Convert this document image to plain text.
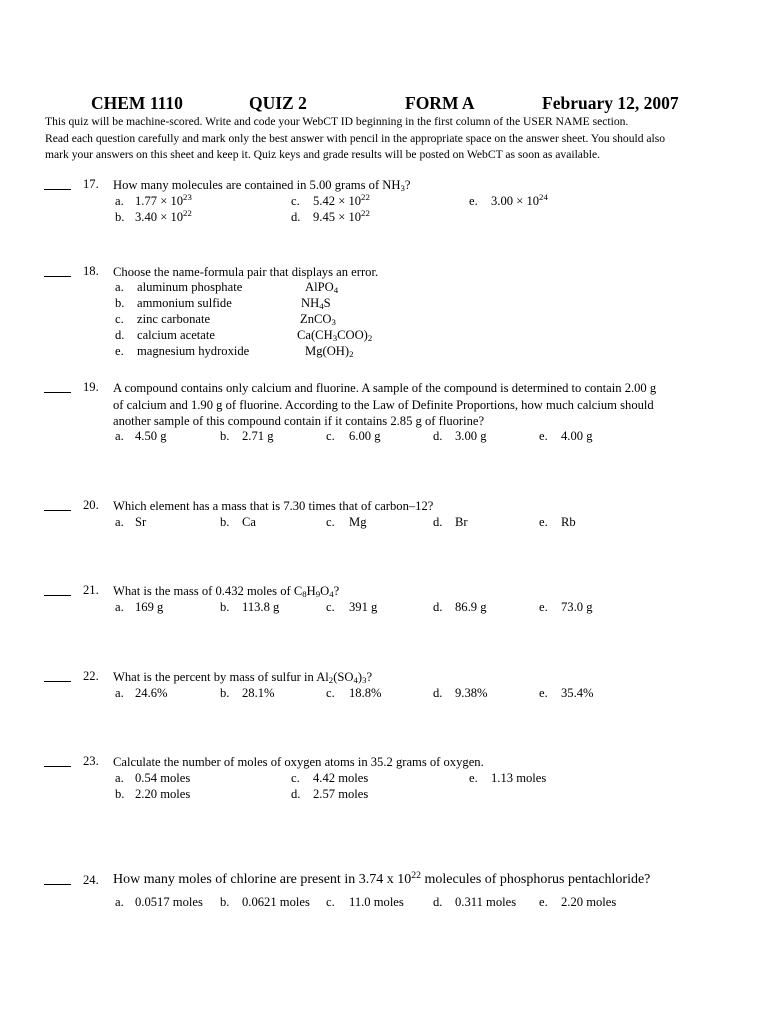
CHEM 1110	QUIZ 2	FORM A	February 12, 2007
This quiz will be machine-scored. Write and code your WebCT ID beginning in the first column of the USER NAME section.
Read each question carefully and mark only the best answer with pencil in the appropriate space on the answer sheet. You should also
mark your answers on this sheet and keep it. Quiz keys and grade results will be posted on WebCT as soon as available.
17. How many molecules are contained in 5.00 grams of $NH_3$?
a. $1.77 \times 10^{23}$
b. $3.40 \times 10^{22}$
c. $5.42 \times 10^{22}$
d. $9.45 \times 10^{22}$
e. $3.00 \times 10^{24}$
18. Choose the name-formula pair that displays an error.
a. aluminum phosphate	AlPO$_4$
b. ammonium sulfide	$NH_4S$
c. zinc carbonate	ZnCO$_3$
d. calcium acetate	$Ca(CH_3COO)_2$
e. magnesium hydroxide	$Mg(OH)_2$
19. A compound contains only calcium and fluorine. A sample of the compound is determined to contain 2.00 g
of calcium and 1.90 g of fluorine. According to the Law of Definite Proportions, how much calcium should
another sample of this compound contain if it contains 2.85 g of fluorine?
a. 4.50 g	b. 2.71 g	c. 6.00 g	d. 3.00 g	e. 4.00 g
20. Which element has a mass that is 7.30 times that of carbon–12?
a. Sr	b. Ca	c. Mg	d. Br	e. Rb
21. What is the mass of 0.432 moles of $C_8H_9O_4$?
a. 169 g	b. 113.8 g	c. 391 g	d. 86.9 g	e. 73.0 g
22. What is the percent by mass of sulfur in $Al_2(SO_4)_3$?
a. 24.6%	b. 28.1%	c. 18.8%	d. 9.38%	e. 35.4%
23. Calculate the number of moles of oxygen atoms in 35.2 grams of oxygen.
a. 0.54 moles
b. 2.20 moles
c. 4.42 moles
d. 2.57 moles
e. 1.13 moles
24. How many moles of chlorine are present in 3.74 x $10^{22}$ molecules of phosphorus pentachloride?
a. 0.0517 moles b. 0.0621 moles c. 11.0 moles d. 0.311 moles e. 2.20 moles
